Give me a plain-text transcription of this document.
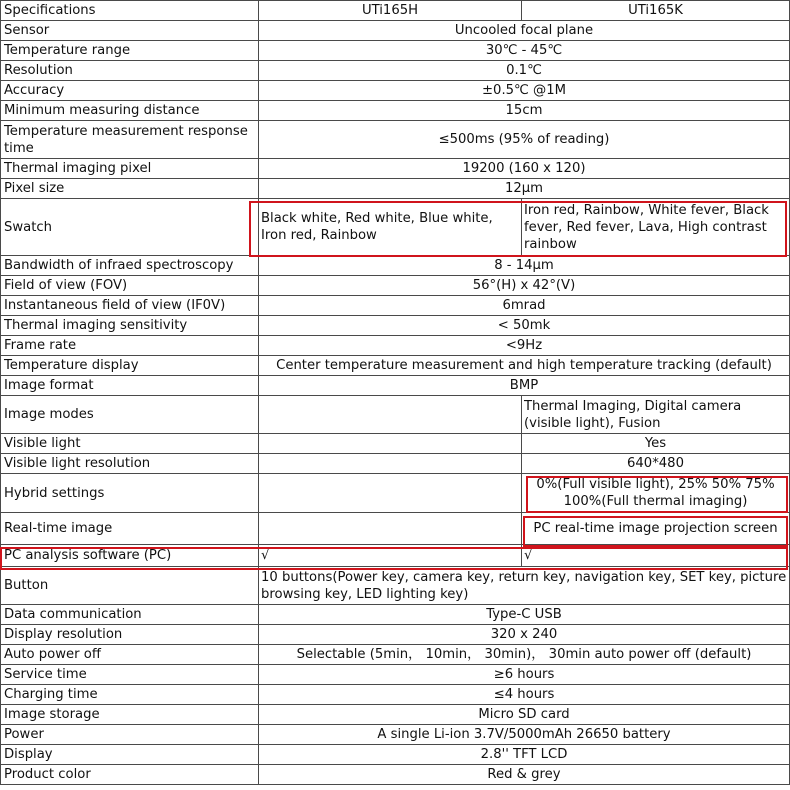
Specifications	UTi165H	UTi165K
Sensor	Uncooled focal plane	
Temperature range	30℃ - 45℃	
Resolution	0.1℃	
Accuracy	±0.5℃ @1M	
Minimum measuring distance	15cm	
Temperature measurement response time	≤500ms (95% of reading)	
Thermal imaging pixel	19200 (160 x 120)	
Pixel size	12μm	
Swatch	Black white, Red white, Blue white, Iron red, Rainbow	Iron red, Rainbow, White fever, Black fever, Red fever, Lava, High contrast rainbow
Bandwidth of infraed spectroscopy	8 - 14μm	
Field of view (FOV)	56°(H) x 42°(V)	
Instantaneous field of view (IF0V)	6mrad	
Thermal imaging sensitivity	< 50mk	
Frame rate	<9Hz	
Temperature display	Center temperature measurement and high temperature tracking (default)	
Image format	BMP	
Image modes		Thermal Imaging, Digital camera (visible light), Fusion
Visible light		Yes
Visible light resolution		640*480
Hybrid settings		0%(Full visible light), 25% 50% 75% 100%(Full thermal imaging)
Real-time image		PC real-time image projection screen
PC analysis software (PC)	√	√
Button	10 buttons(Power key, camera key, return key, navigation key, SET key, picture browsing key, LED lighting key)	
Data communication	Type-C USB	
Display resolution	320 x 240	
Auto power off	Selectable (5min， 10min， 30min)， 30min auto power off (default)	
Service time	≥6 hours	
Charging time	≤4 hours	
Image storage	Micro SD card	
Power	A single Li-ion 3.7V/5000mAh 26650 battery	
Display	2.8'' TFT LCD	
Product color	Red & grey	
